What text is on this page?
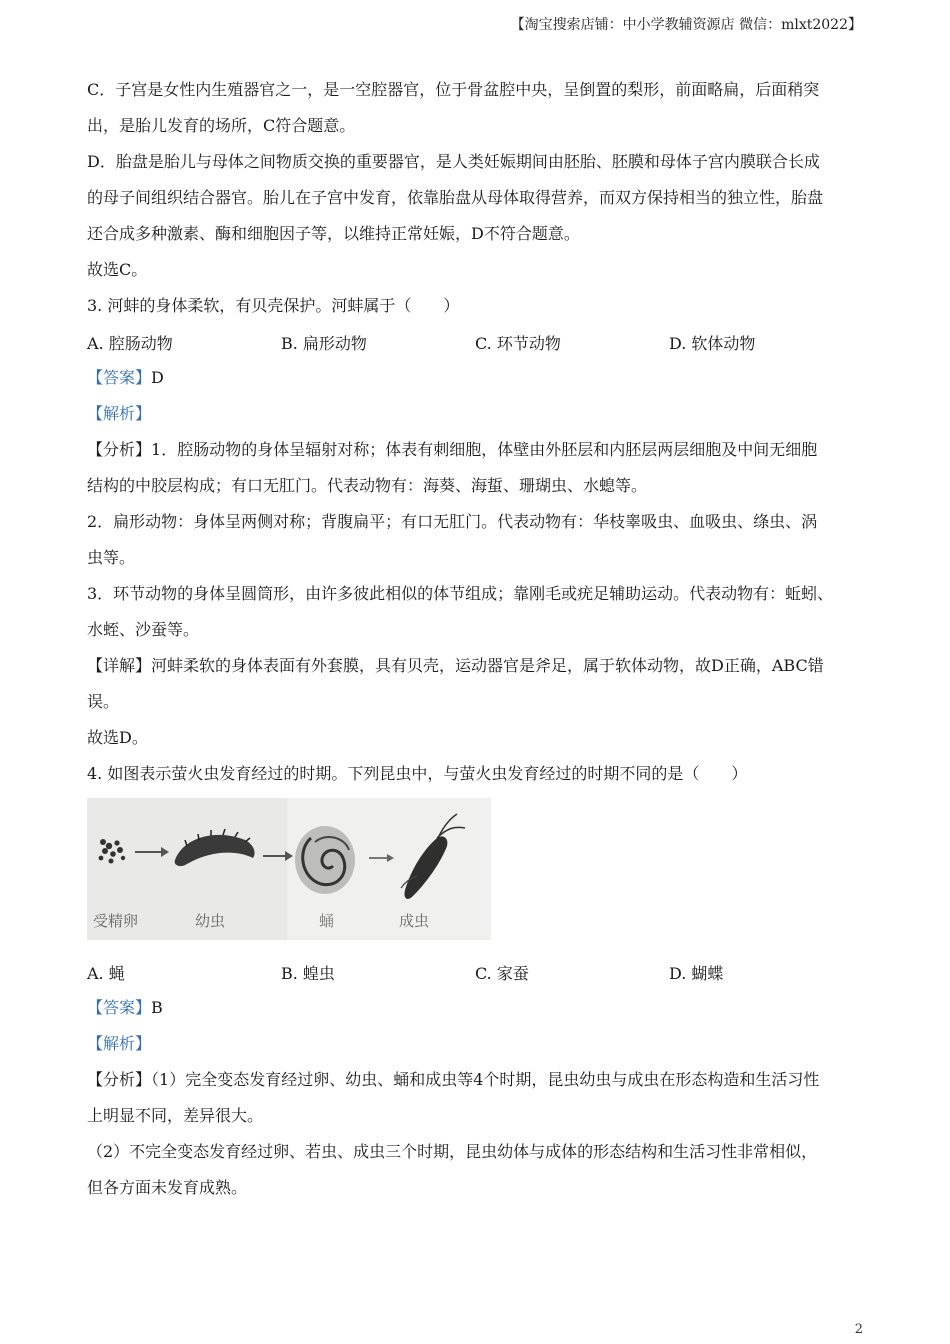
【淘宝搜索店铺：中小学教辅资源店 微信：mlxt2022】

C．子宫是女性内生殖器官之一，是一空腔器官，位于骨盆腔中央，呈倒置的梨形，前面略扁，后面稍突

出，是胎儿发育的场所，C符合题意。

D．胎盘是胎儿与母体之间物质交换的重要器官，是人类妊娠期间由胚胎、胚膜和母体子宫内膜联合长成

的母子间组织结合器官。胎儿在子宫中发育，依靠胎盘从母体取得营养，而双方保持相当的独立性，胎盘

还合成多种激素、酶和细胞因子等，以维持正常妊娠，D不符合题意。

故选C。

3. 河蚌的身体柔软，有贝壳保护。河蚌属于（　　）

A. 腔肠动物	B. 扁形动物	C. 环节动物	D. 软体动物

【答案】D

【解析】

【分析】1．腔肠动物的身体呈辐射对称；体表有刺细胞，体壁由外胚层和内胚层两层细胞及中间无细胞

结构的中胶层构成；有口无肛门。代表动物有：海葵、海蜇、珊瑚虫、水螅等。

2．扁形动物：身体呈两侧对称；背腹扁平；有口无肛门。代表动物有：华枝睾吸虫、血吸虫、绦虫、涡

虫等。

3．环节动物的身体呈圆筒形，由许多彼此相似的体节组成；靠刚毛或疣足辅助运动。代表动物有：蚯蚓、

水蛭、沙蚕等。

【详解】河蚌柔软的身体表面有外套膜，具有贝壳，运动器官是斧足，属于软体动物，故D正确，ABC错

误。

故选D。

4. 如图表示萤火虫发育经过的时期。下列昆虫中，与萤火虫发育经过的时期不同的是（　　）

受精卵	幼虫	蛹	成虫
A. 蝇	B. 蝗虫	C. 家蚕	D. 蝴蝶

【答案】B

【解析】

【分析】（1）完全变态发育经过卵、幼虫、蛹和成虫等4个时期，昆虫幼虫与成虫在形态构造和生活习性

上明显不同，差异很大。

（2）不完全变态发育经过卵、若虫、成虫三个时期，昆虫幼体与成体的形态结构和生活习性非常相似，

但各方面未发育成熟。

2
